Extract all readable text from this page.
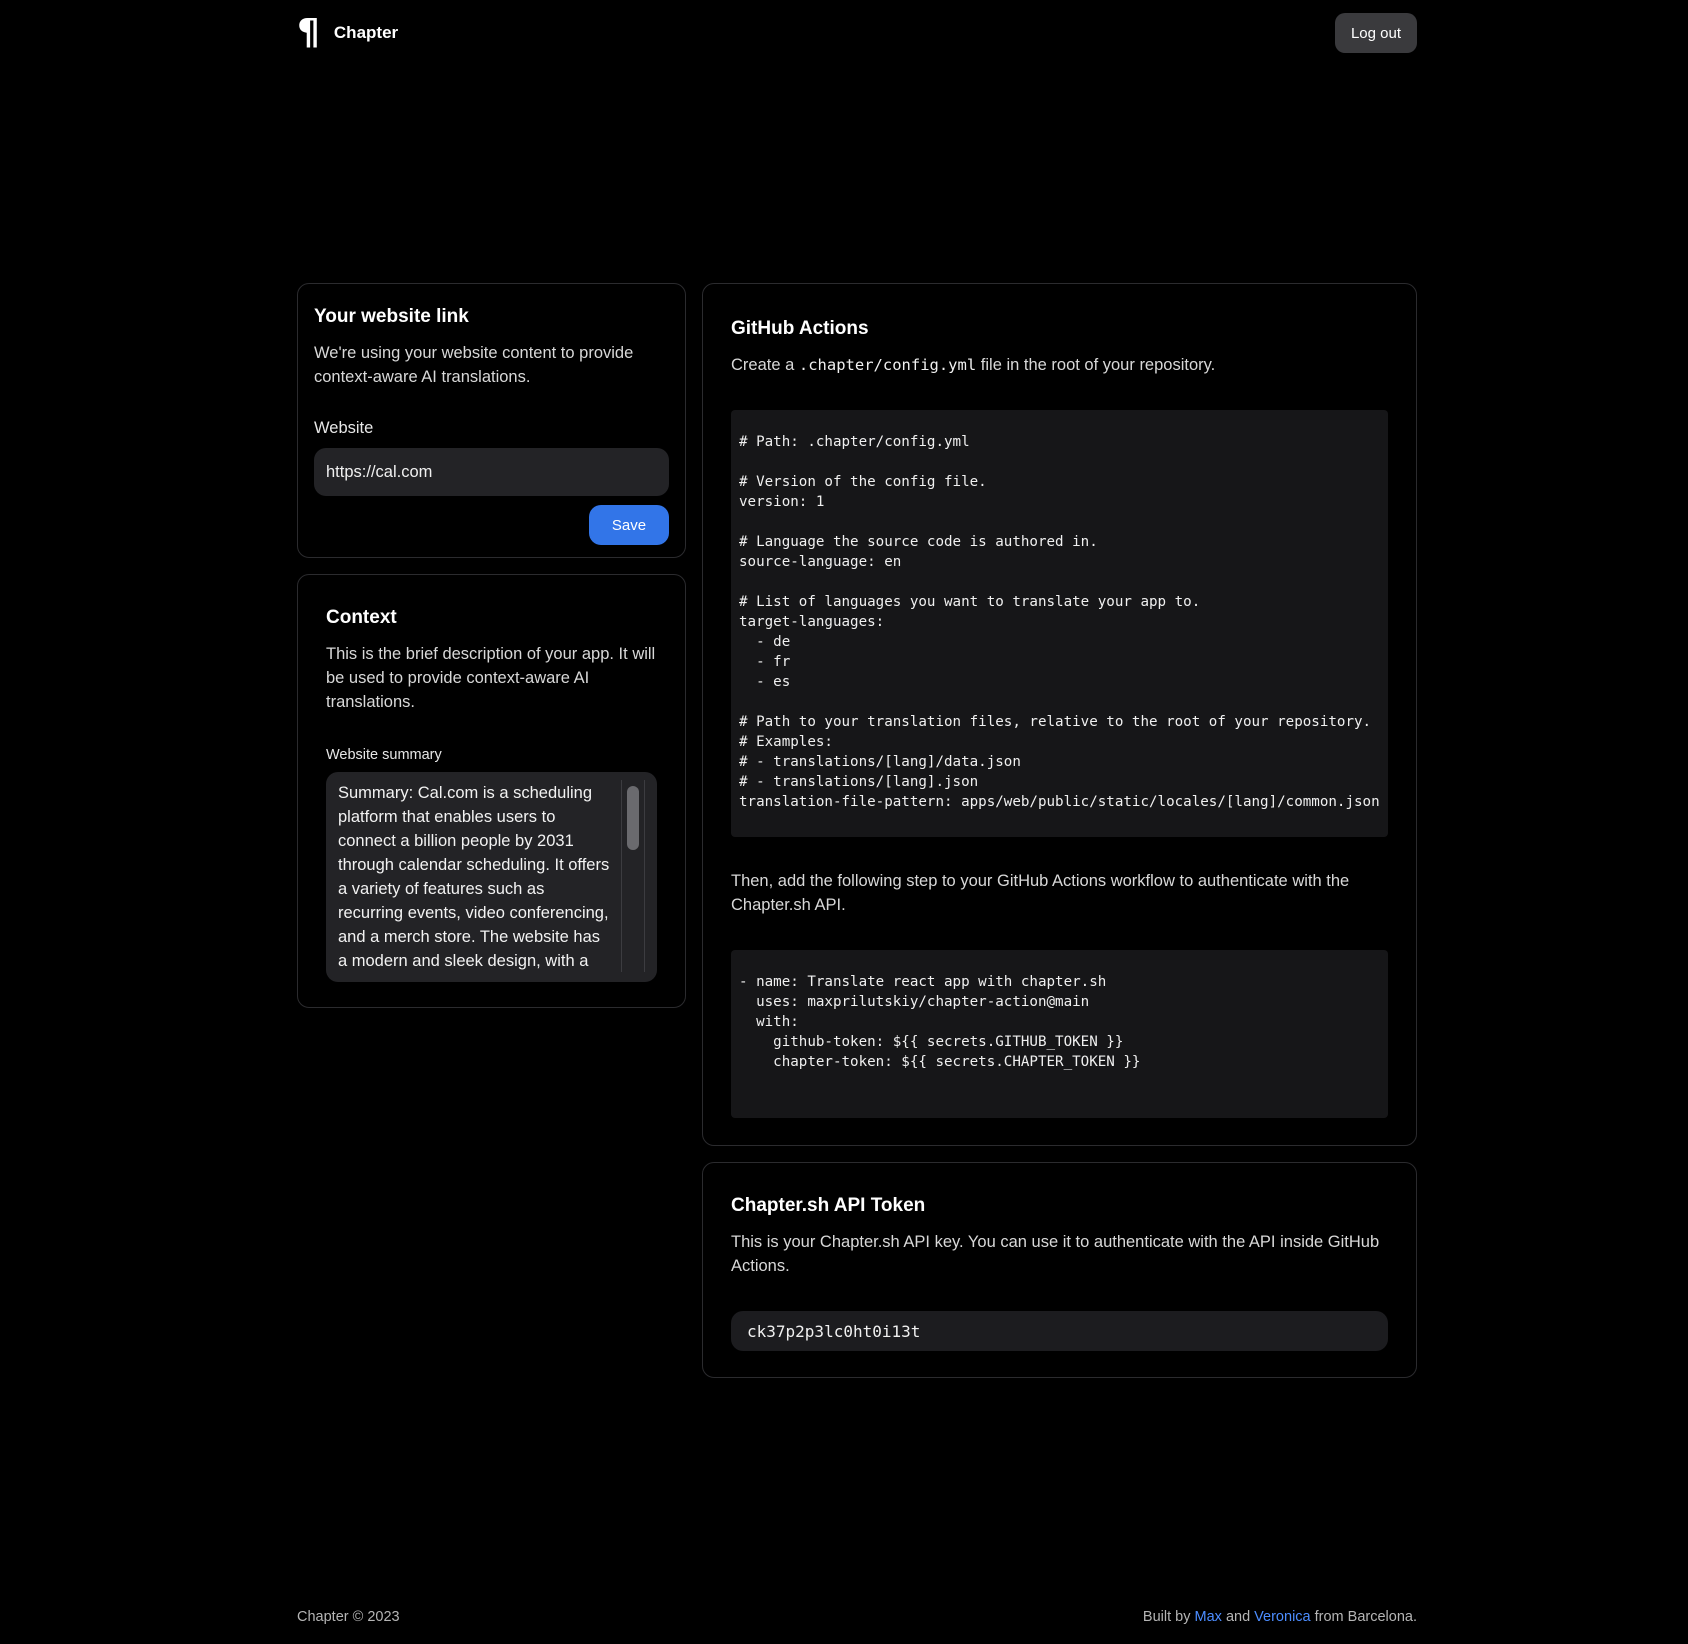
¶ Chapter	Log out
Your website link

We're using your website content to provide context-aware AI translations.

Website
https://cal.com
Save
Context

This is the brief description of your app. It will be used to provide context-aware AI translations.

Website summary
Summary: Cal.com is a scheduling platform that enables users to connect a billion people by 2031 through calendar scheduling. It offers a variety of features such as recurring events, video conferencing, and a merch store. The website has a modern and sleek design, with a
GitHub Actions

Create a .chapter/config.yml file in the root of your repository.

# Path: .chapter/config.yml

# Version of the config file.
version: 1

# Language the source code is authored in.
source-language: en

# List of languages you want to translate your app to.
target-languages:
- de
- fr
- es

# Path to your translation files, relative to the root of your repository.
# Examples:
# - translations/[lang]/data.json
# - translations/[lang].json
translation-file-pattern: apps/web/public/static/locales/[lang]/common.json

Then, add the following step to your GitHub Actions workflow to authenticate with the Chapter.sh API.

- name: Translate react app with chapter.sh
uses: maxprilutskiy/chapter-action@main
with:
github-token: ${{ secrets.GITHUB_TOKEN }}
chapter-token: ${{ secrets.CHAPTER_TOKEN }}
Chapter.sh API Token

This is your Chapter.sh API key. You can use it to authenticate with the API inside GitHub Actions.

ck37p2p3lc0ht0i13t
Chapter © 2023	Built by Max and Veronica from Barcelona.
